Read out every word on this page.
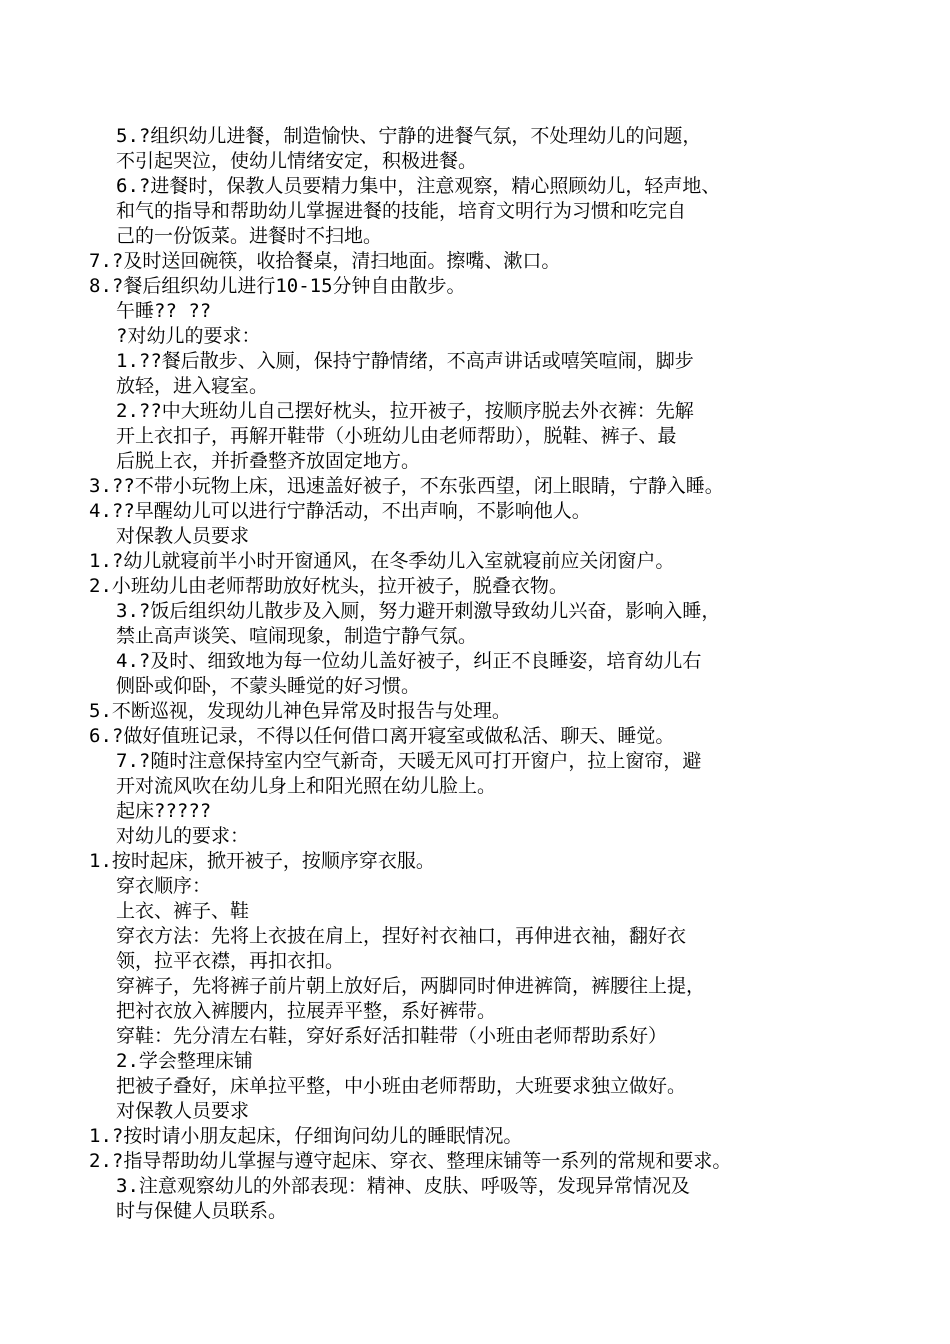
5.?组织幼儿进餐，制造愉快、宁静的进餐气氛，不处理幼儿的问题，
不引起哭泣，使幼儿情绪安定，积极进餐。
6.?进餐时，保教人员要精力集中，注意观察，精心照顾幼儿，轻声地、
和气的指导和帮助幼儿掌握进餐的技能，培育文明行为习惯和吃完自
己的一份饭菜。进餐时不扫地。
7.?及时送回碗筷，收拾餐桌，清扫地面。擦嘴、漱口。
8.?餐后组织幼儿进行10-15分钟自由散步。
午睡?? ??
?对幼儿的要求：
1.??餐后散步、入厕，保持宁静情绪，不高声讲话或嘻笑喧闹，脚步
放轻，进入寝室。
2.??中大班幼儿自己摆好枕头，拉开被子，按顺序脱去外衣裤：先解
开上衣扣子，再解开鞋带（小班幼儿由老师帮助），脱鞋、裤子、最
后脱上衣，并折叠整齐放固定地方。
3.??不带小玩物上床，迅速盖好被子，不东张西望，闭上眼睛，宁静入睡。
4.??早醒幼儿可以进行宁静活动，不出声响，不影响他人。
对保教人员要求
1.?幼儿就寝前半小时开窗通风，在冬季幼儿入室就寝前应关闭窗户。
2.小班幼儿由老师帮助放好枕头，拉开被子，脱叠衣物。
3.?饭后组织幼儿散步及入厕，努力避开刺激导致幼儿兴奋，影响入睡，
禁止高声谈笑、喧闹现象，制造宁静气氛。
4.?及时、细致地为每一位幼儿盖好被子，纠正不良睡姿，培育幼儿右
侧卧或仰卧，不蒙头睡觉的好习惯。
5.不断巡视，发现幼儿神色异常及时报告与处理。
6.?做好值班记录，不得以任何借口离开寝室或做私活、聊天、睡觉。
7.?随时注意保持室内空气新奇，天暖无风可打开窗户，拉上窗帘，避
开对流风吹在幼儿身上和阳光照在幼儿脸上。
起床?????
对幼儿的要求：
1.按时起床，掀开被子，按顺序穿衣服。
穿衣顺序：
上衣、裤子、鞋
穿衣方法：先将上衣披在肩上，捏好衬衣袖口，再伸进衣袖，翻好衣
领，拉平衣襟，再扣衣扣。
穿裤子，先将裤子前片朝上放好后，两脚同时伸进裤筒，裤腰往上提，
把衬衣放入裤腰内，拉展弄平整，系好裤带。
穿鞋：先分清左右鞋，穿好系好活扣鞋带（小班由老师帮助系好）
2.学会整理床铺
把被子叠好，床单拉平整，中小班由老师帮助，大班要求独立做好。
对保教人员要求
1.?按时请小朋友起床，仔细询问幼儿的睡眠情况。
2.?指导帮助幼儿掌握与遵守起床、穿衣、整理床铺等一系列的常规和要求。
3.注意观察幼儿的外部表现：精神、皮肤、呼吸等，发现异常情况及
时与保健人员联系。
